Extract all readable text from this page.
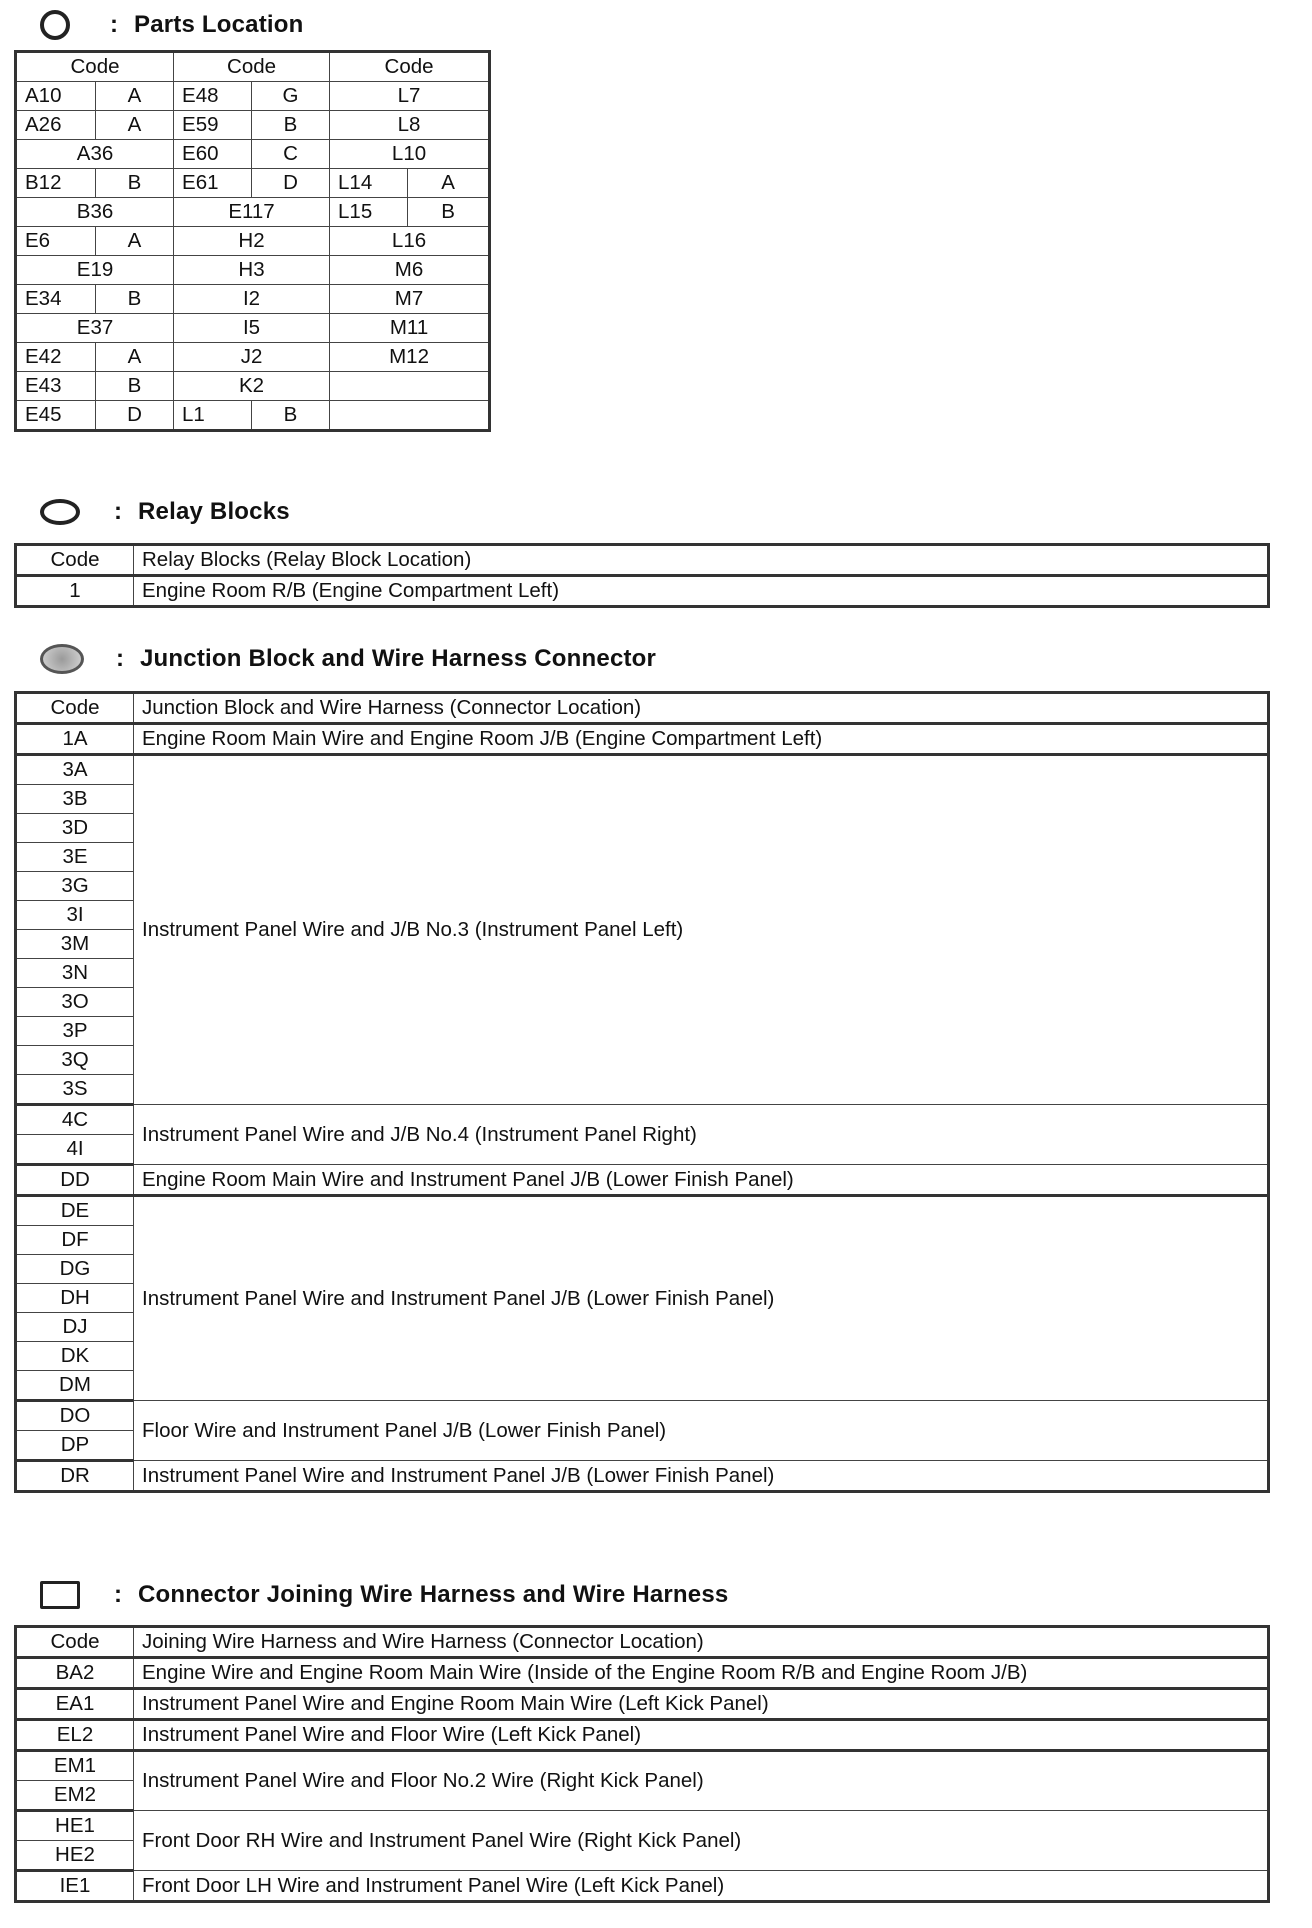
: Parts Location
Code		Code		Code	
A10	A	E48	G	L7	
A26	A	E59	B	L8	
A36		E60	C	L10	
B12	B	E61	D	L14	A
B36		E117		L15	B
E6	A	H2		L16	
E19		H3		M6	
E34	B	I2		M7	
E37		I5		M11	
E42	A	J2		M12	
E43	B	K2			
E45	D	L1	B		
: Relay Blocks
Code	Relay Blocks (Relay Block Location)
1	Engine Room R/B (Engine Compartment Left)
: Junction Block and Wire Harness Connector
Code	Junction Block and Wire Harness (Connector Location)
1A	Engine Room Main Wire and Engine Room J/B (Engine Compartment Left)
3A	Instrument Panel Wire and J/B No.3 (Instrument Panel Left)
3B	
3D	
3E	
3G	
3I	
3M	
3N	
3O	
3P	
3Q	
3S	
4C	Instrument Panel Wire and J/B No.4 (Instrument Panel Right)
4I	
DD	Engine Room Main Wire and Instrument Panel J/B (Lower Finish Panel)
DE	Instrument Panel Wire and Instrument Panel J/B (Lower Finish Panel)
DF	
DG	
DH	
DJ	
DK	
DM	
DO	Floor Wire and Instrument Panel J/B (Lower Finish Panel)
DP	
DR	Instrument Panel Wire and Instrument Panel J/B (Lower Finish Panel)
: Connector Joining Wire Harness and Wire Harness
Code	Joining Wire Harness and Wire Harness (Connector Location)
BA2	Engine Wire and Engine Room Main Wire (Inside of the Engine Room R/B and Engine Room J/B)
EA1	Instrument Panel Wire and Engine Room Main Wire (Left Kick Panel)
EL2	Instrument Panel Wire and Floor Wire (Left Kick Panel)
EM1	Instrument Panel Wire and Floor No.2 Wire (Right Kick Panel)
EM2	
HE1	Front Door RH Wire and Instrument Panel Wire (Right Kick Panel)
HE2	
IE1	Front Door LH Wire and Instrument Panel Wire (Left Kick Panel)
